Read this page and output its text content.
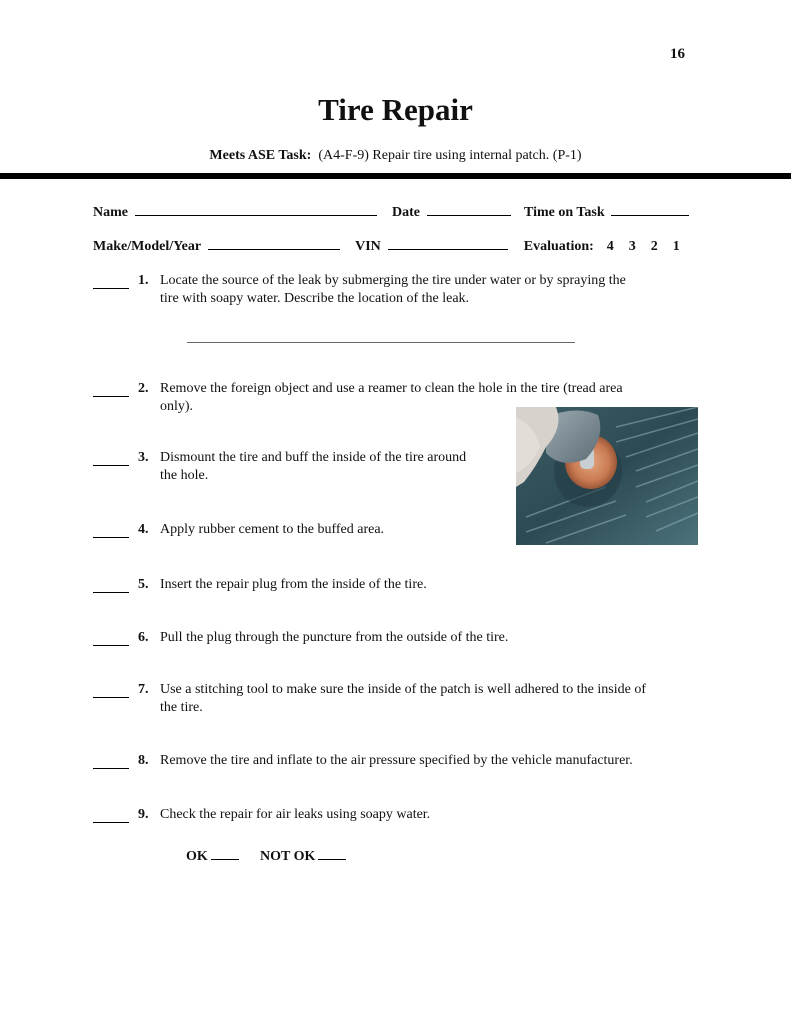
16
Tire Repair
Meets ASE Task: (A4-F-9) Repair tire using internal patch. (P-1)
Name	Date	Time on Task
Make/Model/Year	VIN	Evaluation: 4 3 2 1
1. Locate the source of the leak by submerging the tire under water or by spraying the
tire with soapy water. Describe the location of the leak.
2. Remove the foreign object and use a reamer to clean the hole in the tire (tread area
only).
3. Dismount the tire and buff the inside of the tire around
the hole.
4. Apply rubber cement to the buffed area.
5. Insert the repair plug from the inside of the tire.
6. Pull the plug through the puncture from the outside of the tire.
7. Use a stitching tool to make sure the inside of the patch is well adhered to the inside of
the tire.
8. Remove the tire and inflate to the air pressure specified by the vehicle manufacturer.
9. Check the repair for air leaks using soapy water.
OK	NOT OK
